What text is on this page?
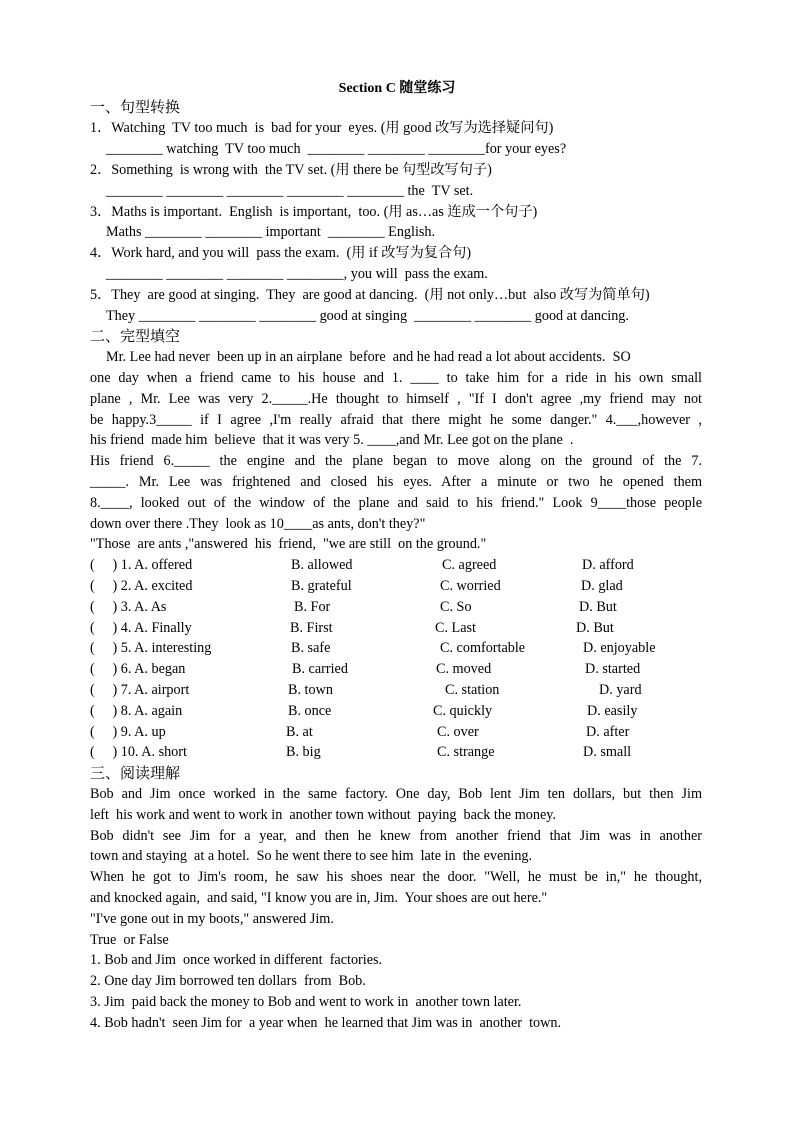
Section C 随堂练习
一、句型转换
1．Watching  TV too much  is  bad for your  eyes. (用 good 改写为选择疑问句)
________ watching  TV too much  ________ ________ ________for your eyes?
2．Something  is wrong with  the TV set. (用 there be 句型改写句子)
________ ________ ________ ________ ________ the  TV set.
3．Maths is important.  English  is important,  too. (用 as…as 连成一个句子)
Maths ________ ________ important  ________ English.
4．Work hard, and you will  pass the exam.  (用 if 改写为复合句)
________ ________ ________ ________, you will  pass the exam.
5．They  are good at singing.  They  are good at dancing.  (用 not only…but  also 改写为简单句)
They ________ ________ ________ good at singing  ________ ________ good at dancing.
二、完型填空
Mr. Lee had never  been up in an airplane  before  and he had read a lot about accidents.  SO
one day when a friend came to his house and 1. ____ to take him for a ride in his own small
plane , Mr. Lee was very 2._____.He thought to himself , "If I don't agree ,my friend may not
be happy.3_____ if I agree ,I'm really afraid that there might he some danger." 4.___,however ,
his friend  made him  believe  that it was very 5. ____,and Mr. Lee got on the plane  .
His friend 6._____ the engine and the plane began to move along on the ground of the 7.
_____. Mr. Lee was frightened and closed his eyes. After a minute or two he opened them
8.____, looked out of the window of the plane and said to his friend." Look 9____those people
down over there .They  look as 10____as ants, don't they?"
"Those  are ants ,"answered  his  friend,  "we are still  on the ground."
(     ) 1. A. offered	B. allowed	C. agreed	D. afford
(     ) 2. A. excited	B. grateful	C. worried	D. glad
(     ) 3. A. As	B. For	C. So	D. But
(     ) 4. A. Finally	B. First	C. Last	D. But
(     ) 5. A. interesting	B. safe	C. comfortable	D. enjoyable
(     ) 6. A. began	B. carried	C. moved	D. started
(     ) 7. A. airport	B. town	C. station	D. yard
(     ) 8. A. again	B. once	C. quickly	D. easily
(     ) 9. A. up	B. at	C. over	D. after
(     ) 10. A. short	B. big	C. strange	D. small
三、阅读理解
Bob and Jim once worked in the same factory. One day, Bob lent Jim ten dollars, but then Jim
left  his work and went to work in  another town without  paying  back the money.
Bob didn't see Jim for a year, and then he knew from another friend that Jim was in another
town and staying  at a hotel.  So he went there to see him  late in  the evening.
When he got to Jim's room, he saw his shoes near the door. "Well, he must be in," he thought,
and knocked again,  and said, "I know you are in, Jim.  Your shoes are out here."
"I've gone out in my boots," answered Jim.
True  or False
1. Bob and Jim  once worked in different  factories.
2. One day Jim borrowed ten dollars  from  Bob.
3. Jim  paid back the money to Bob and went to work in  another town later.
4. Bob hadn't  seen Jim for  a year when  he learned that Jim was in  another  town.
